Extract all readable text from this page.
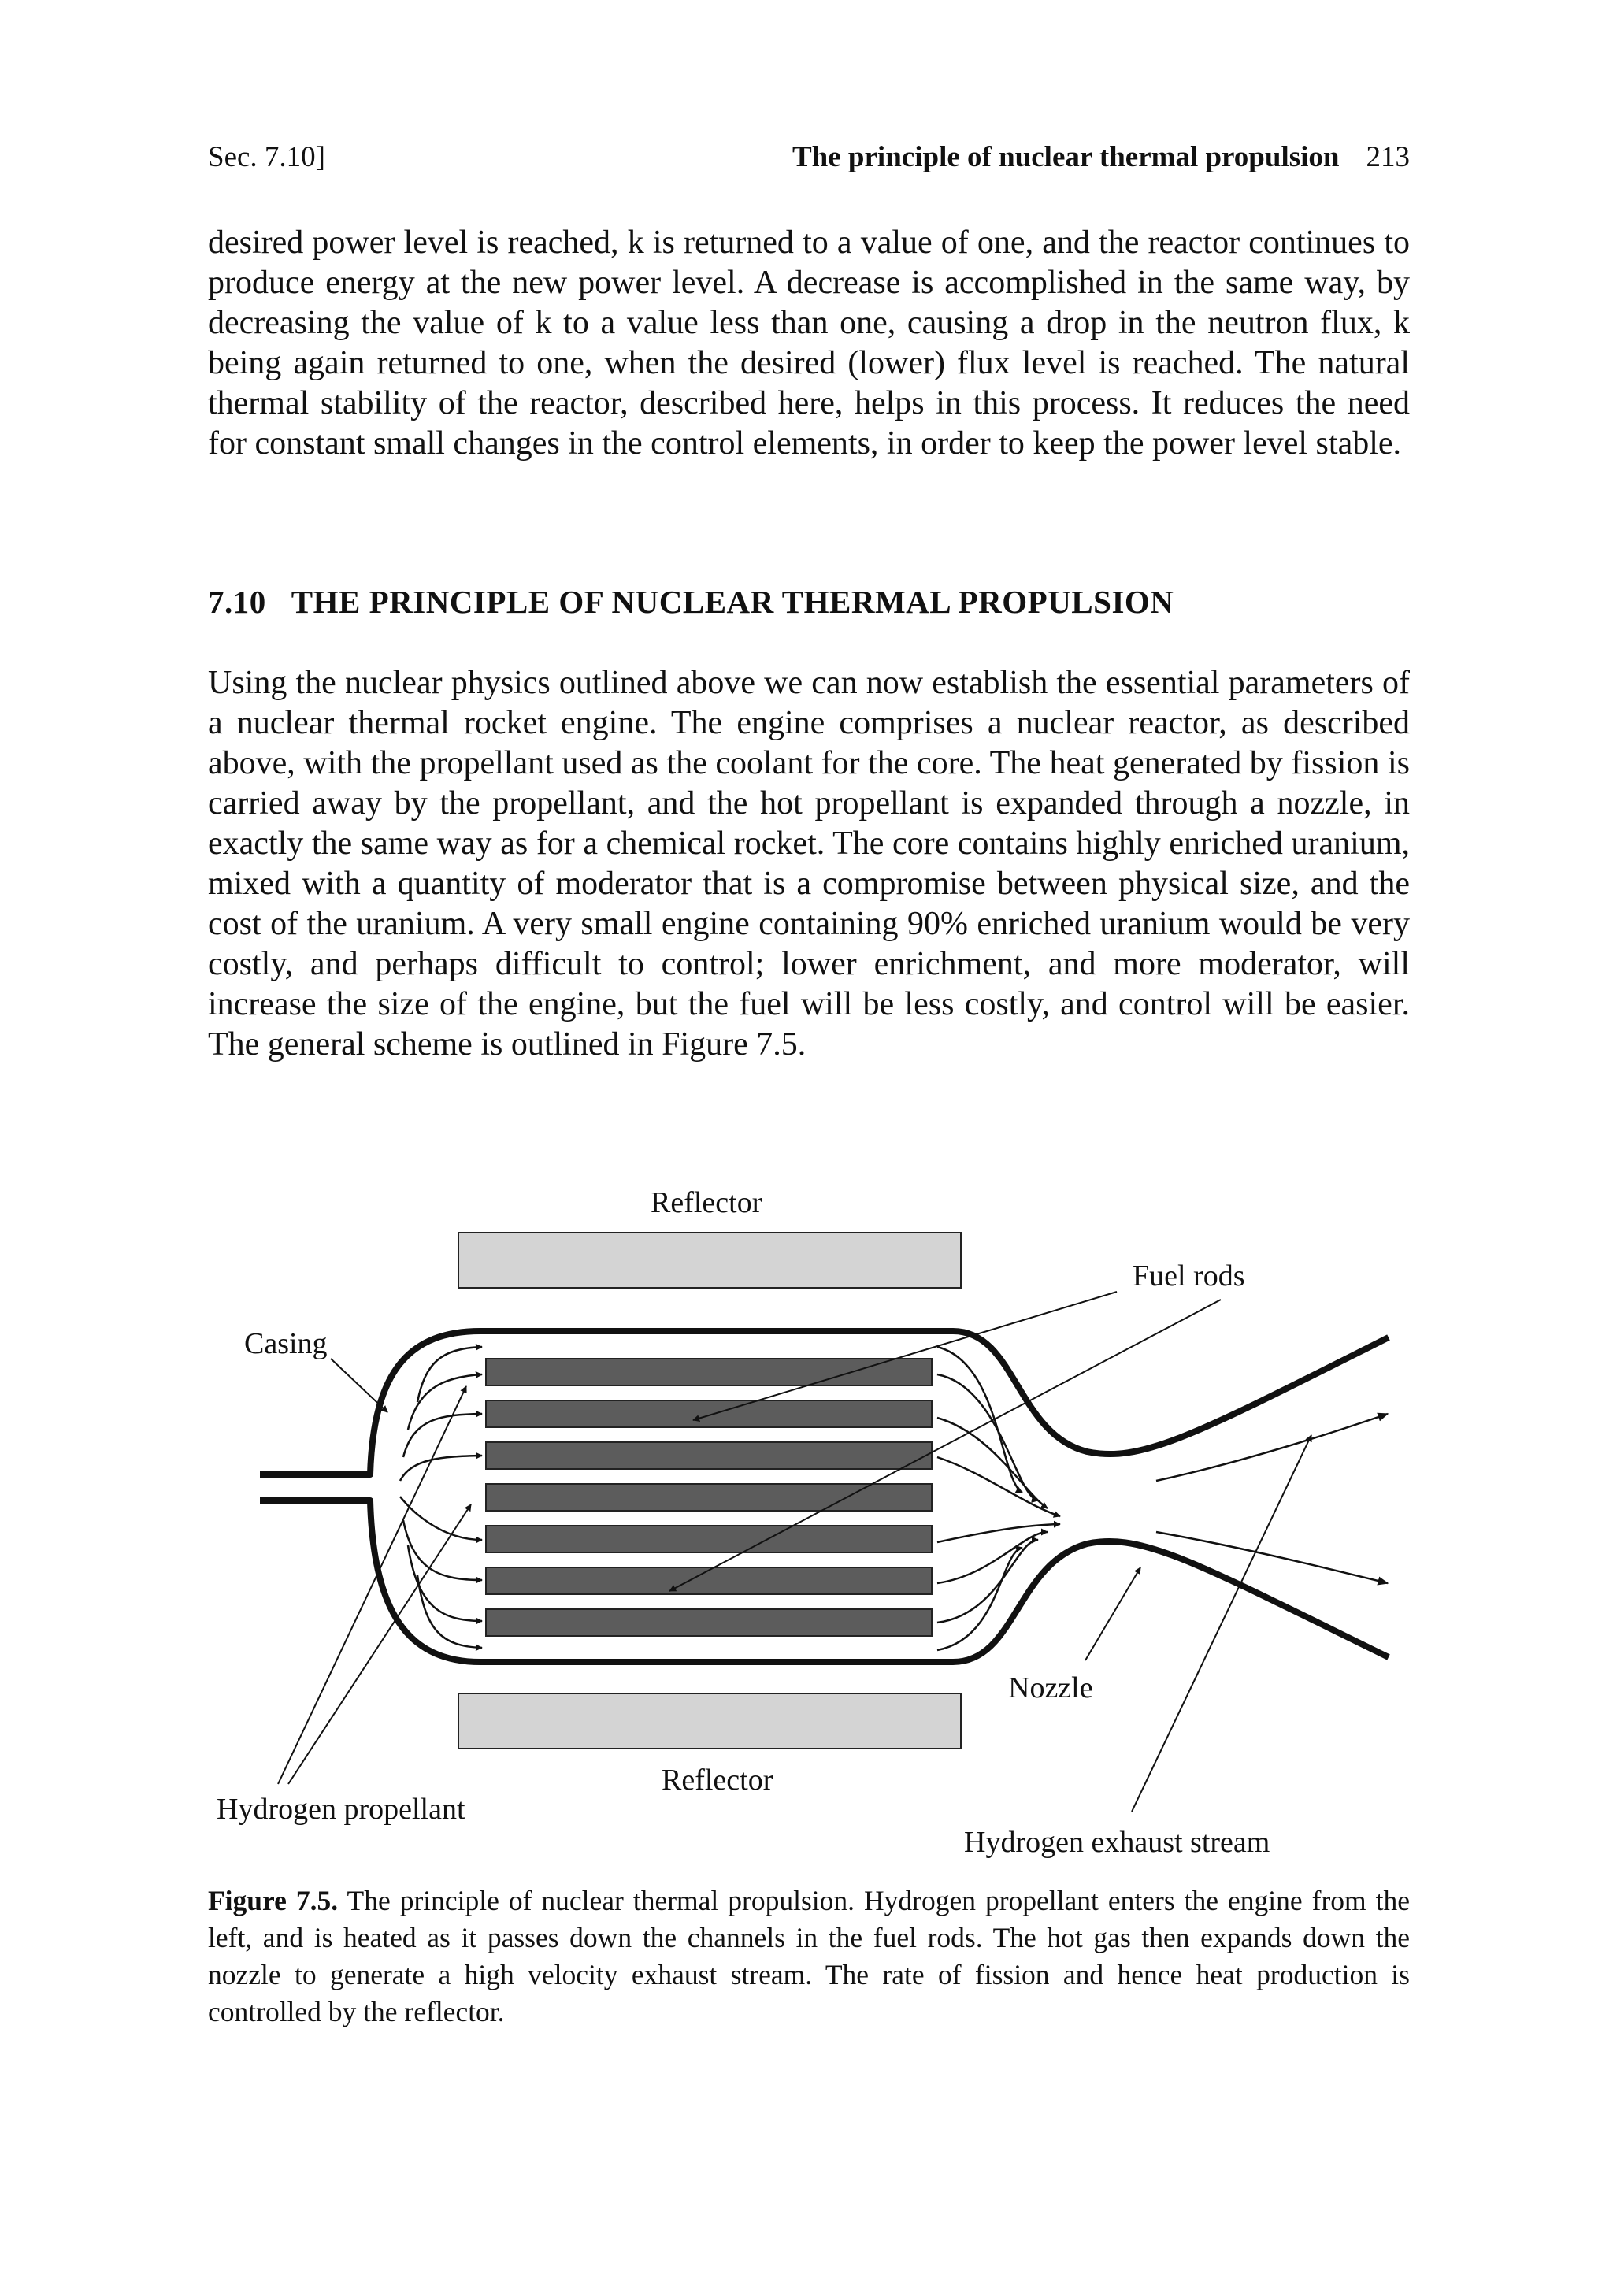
Sec. 7.10]	The principle of nuclear thermal propulsion 213
desired power level is reached, k is returned to a value of one, and the reactor continues to produce energy at the new power level. A decrease is accomplished in the same way, by decreasing the value of k to a value less than one, causing a drop in the neutron flux, k being again returned to one, when the desired (lower) flux level is reached. The natural thermal stability of the reactor, described here, helps in this process. It reduces the need for constant small changes in the control elements, in order to keep the power level stable.
7.10 THE PRINCIPLE OF NUCLEAR THERMAL PROPULSION
Using the nuclear physics outlined above we can now establish the essential parameters of a nuclear thermal rocket engine. The engine comprises a nuclear reactor, as described above, with the propellant used as the coolant for the core. The heat generated by fission is carried away by the propellant, and the hot propellant is expanded through a nozzle, in exactly the same way as for a chemical rocket. The core contains highly enriched uranium, mixed with a quantity of moderator that is a compromise between physical size, and the cost of the uranium. A very small engine containing 90% enriched uranium would be very costly, and perhaps difficult to control; lower enrichment, and more moderator, will increase the size of the engine, but the fuel will be less costly, and control will be easier. The general scheme is outlined in Figure 7.5.
Reflector
Fuel rods
Casing
Nozzle
Reflector
Hydrogen propellant
Hydrogen exhaust stream
Figure 7.5. The principle of nuclear thermal propulsion. Hydrogen propellant enters the engine from the left, and is heated as it passes down the channels in the fuel rods. The hot gas then expands down the nozzle to generate a high velocity exhaust stream. The rate of fission and hence heat production is controlled by the reflector.
